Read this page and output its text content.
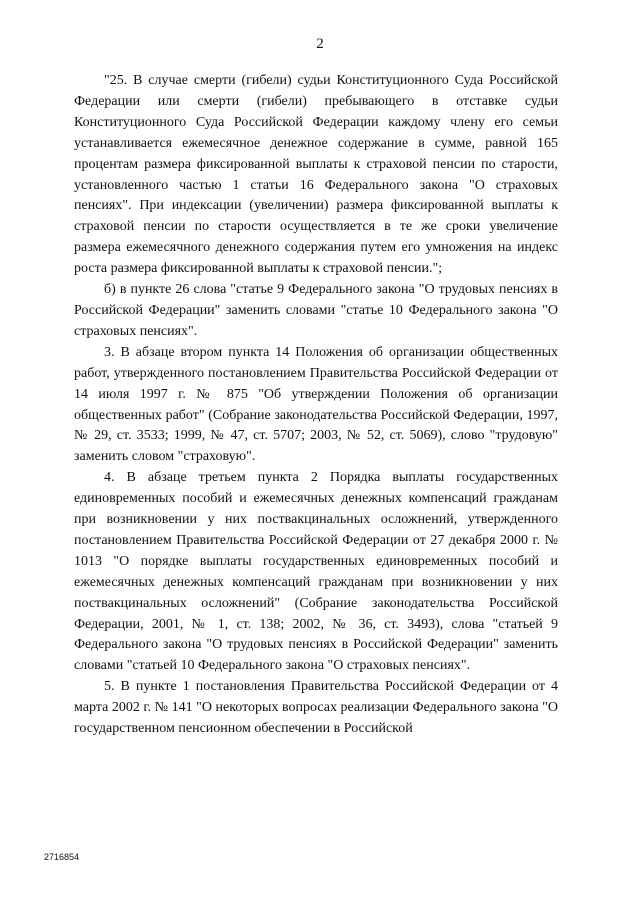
2

"25. В случае смерти (гибели) судьи Конституционного Суда Российской Федерации или смерти (гибели) пребывающего в отставке судьи Конституционного Суда Российской Федерации каждому члену его семьи устанавливается ежемесячное денежное содержание в сумме, равной 165 процентам размера фиксированной выплаты к страховой пенсии по старости, установленного частью 1 статьи 16 Федерального закона "О страховых пенсиях". При индексации (увеличении) размера фиксированной выплаты к страховой пенсии по старости осуществляется в те же сроки увеличение размера ежемесячного денежного содержания путем его умножения на индекс роста размера фиксированной выплаты к страховой пенсии.";

б) в пункте 26 слова "статье 9 Федерального закона "О трудовых пенсиях в Российской Федерации" заменить словами "статье 10 Федерального закона "О страховых пенсиях".

3. В абзаце втором пункта 14 Положения об организации общественных работ, утвержденного постановлением Правительства Российской Федерации от 14 июля 1997 г. № 875 "Об утверждении Положения об организации общественных работ" (Собрание законодательства Российской Федерации, 1997, № 29, ст. 3533; 1999, № 47, ст. 5707; 2003, № 52, ст. 5069), слово "трудовую" заменить словом "страховую".

4. В абзаце третьем пункта 2 Порядка выплаты государственных единовременных пособий и ежемесячных денежных компенсаций гражданам при возникновении у них поствакцинальных осложнений, утвержденного постановлением Правительства Российской Федерации от 27 декабря 2000 г. № 1013 "О порядке выплаты государственных единовременных пособий и ежемесячных денежных компенсаций гражданам при возникновении у них поствакцинальных осложнений" (Собрание законодательства Российской Федерации, 2001, № 1, ст. 138; 2002, № 36, ст. 3493), слова "статьей 9 Федерального закона "О трудовых пенсиях в Российской Федерации" заменить словами "статьей 10 Федерального закона "О страховых пенсиях".

5. В пункте 1 постановления Правительства Российской Федерации от 4 марта 2002 г. № 141 "О некоторых вопросах реализации Федерального закона "О государственном пенсионном обеспечении в Российской

2716854
